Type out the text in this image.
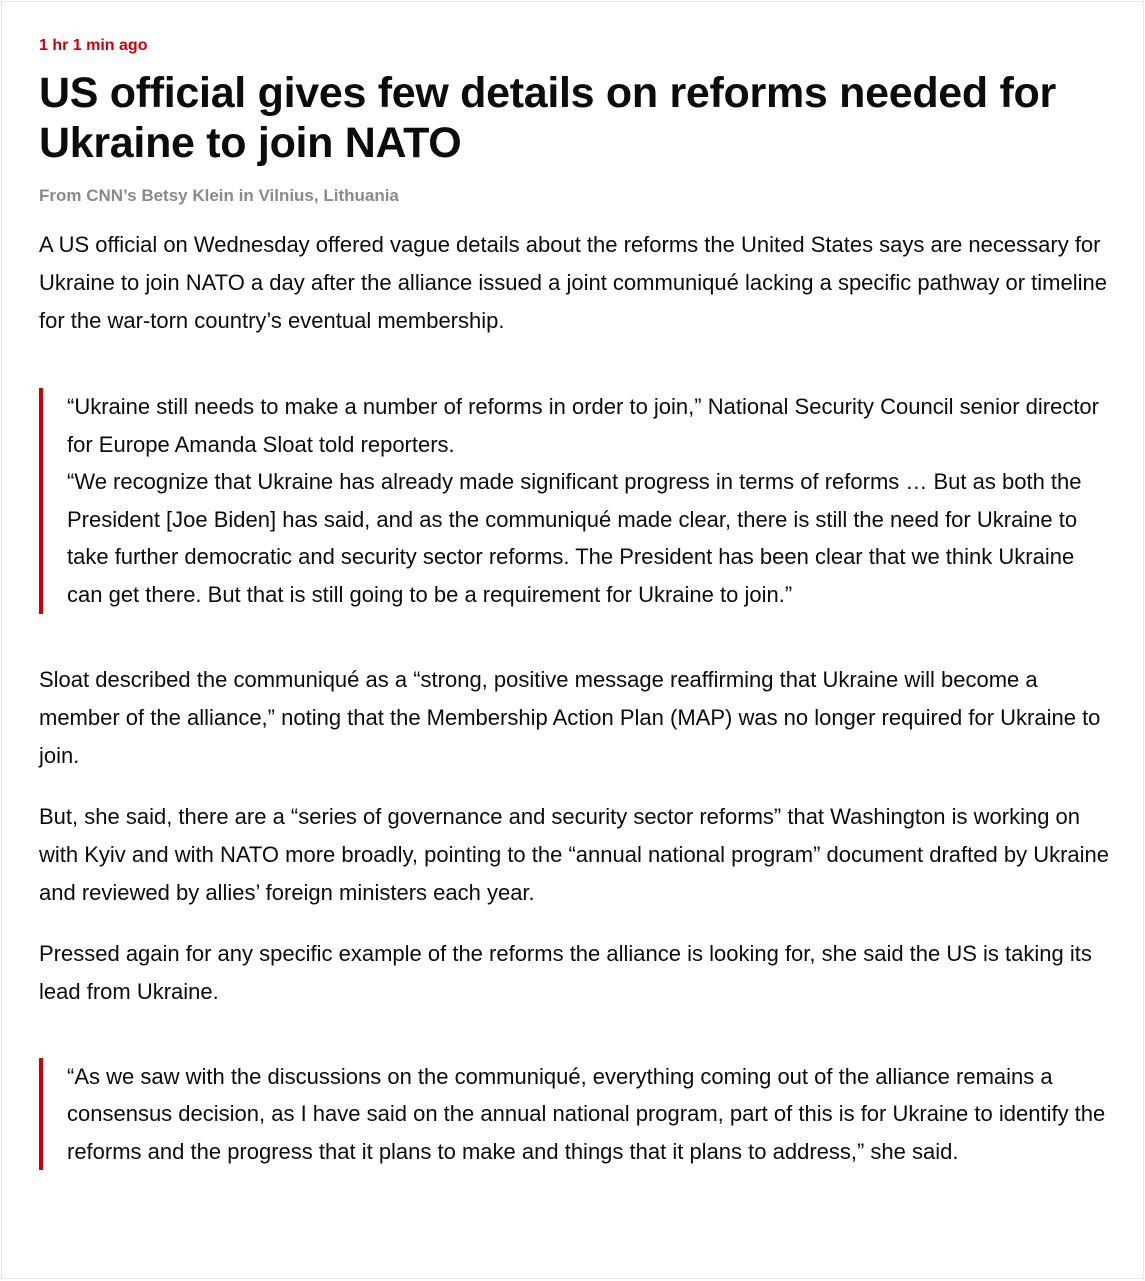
1 hr 1 min ago

US official gives few details on reforms needed for Ukraine to join NATO

From CNN’s Betsy Klein in Vilnius, Lithuania

A US official on Wednesday offered vague details about the reforms the United States says are necessary for Ukraine to join NATO a day after the alliance issued a joint communiqué lacking a specific pathway or timeline for the war-torn country’s eventual membership.

“Ukraine still needs to make a number of reforms in order to join,” National Security Council senior director for Europe Amanda Sloat told reporters.

“We recognize that Ukraine has already made significant progress in terms of reforms … But as both the President [Joe Biden] has said, and as the communiqué made clear, there is still the need for Ukraine to take further democratic and security sector reforms. The President has been clear that we think Ukraine can get there. But that is still going to be a requirement for Ukraine to join.”

Sloat described the communiqué as a “strong, positive message reaffirming that Ukraine will become a member of the alliance,” noting that the Membership Action Plan (MAP) was no longer required for Ukraine to join.

But, she said, there are a “series of governance and security sector reforms” that Washington is working on with Kyiv and with NATO more broadly, pointing to the “annual national program” document drafted by Ukraine and reviewed by allies’ foreign ministers each year.

Pressed again for any specific example of the reforms the alliance is looking for, she said the US is taking its lead from Ukraine.

“As we saw with the discussions on the communiqué, everything coming out of the alliance remains a consensus decision, as I have said on the annual national program, part of this is for Ukraine to identify the reforms and the progress that it plans to make and things that it plans to address,” she said.
